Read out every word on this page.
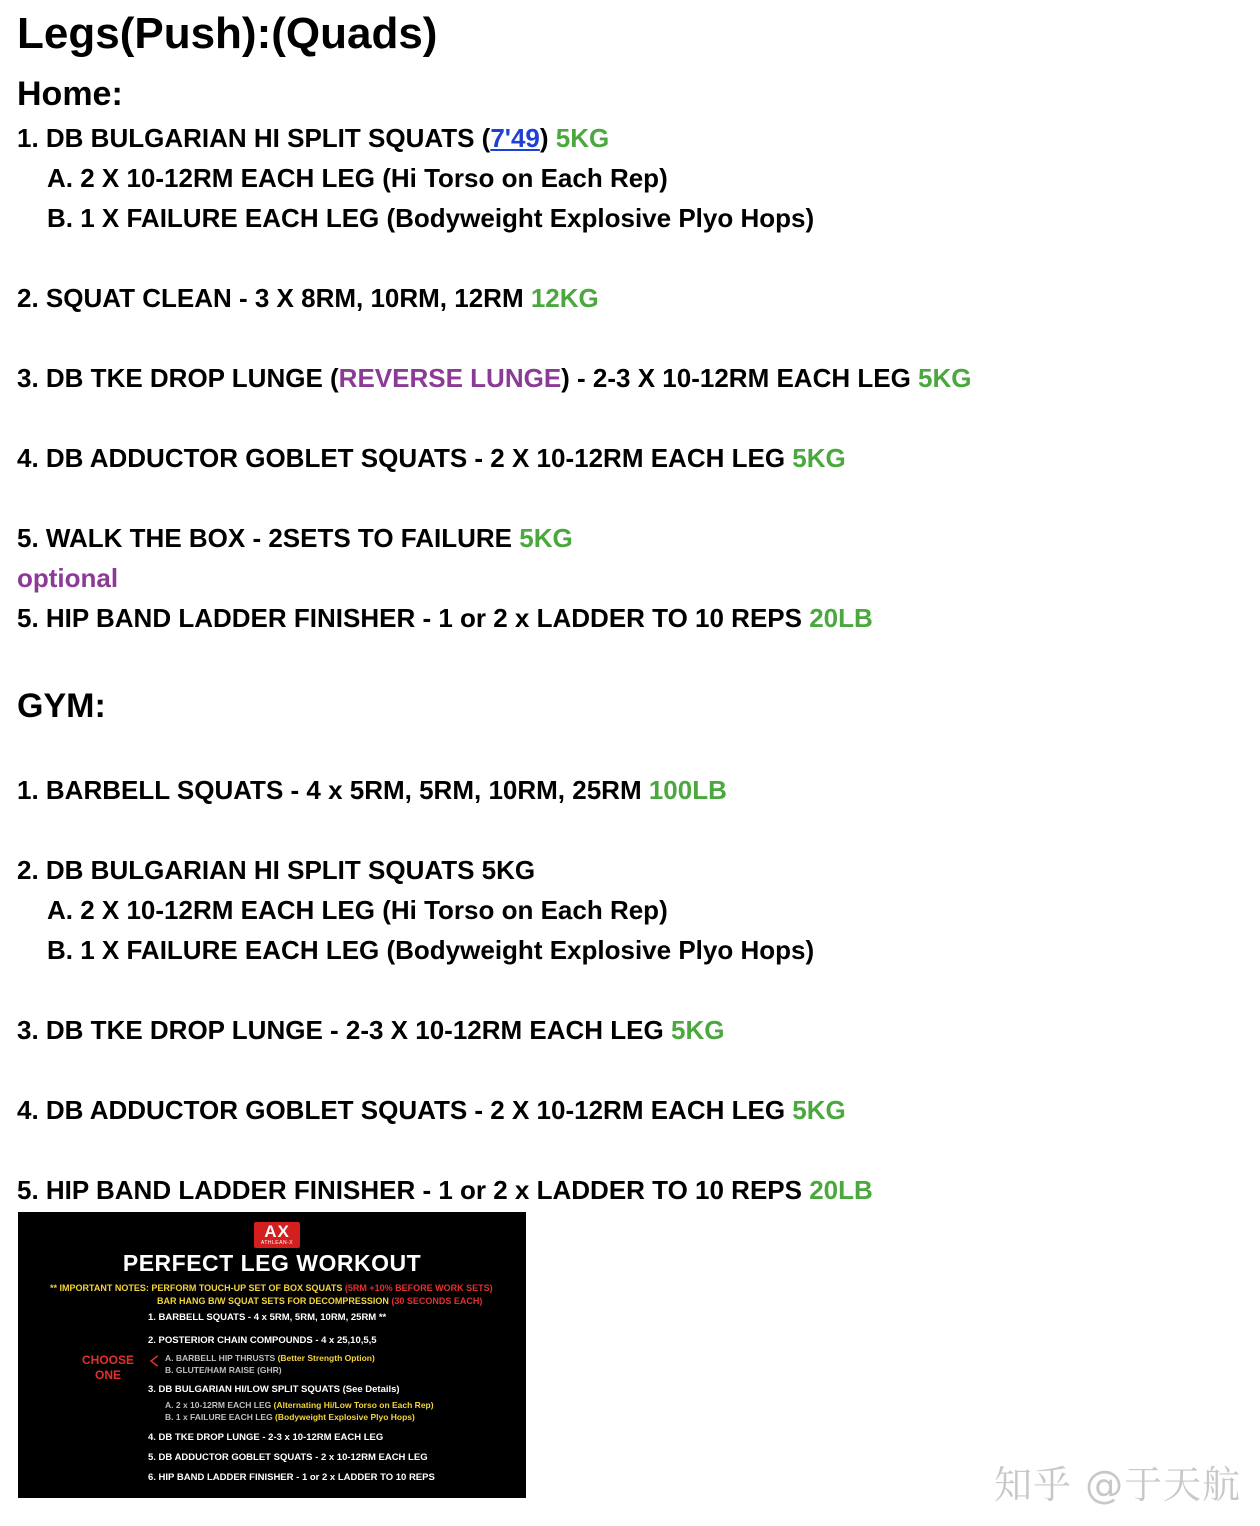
Legs(Push):(Quads)
Home:
1. DB BULGARIAN HI SPLIT SQUATS (7'49) 5KG
A. 2 X 10-12RM EACH LEG (Hi Torso on Each Rep)
B. 1 X FAILURE EACH LEG (Bodyweight Explosive Plyo Hops)
2. SQUAT CLEAN - 3 X 8RM, 10RM, 12RM 12KG
3. DB TKE DROP LUNGE (REVERSE LUNGE) - 2-3 X 10-12RM EACH LEG 5KG
4. DB ADDUCTOR GOBLET SQUATS - 2 X 10-12RM EACH LEG 5KG
5. WALK THE BOX - 2SETS TO FAILURE 5KG
optional
5. HIP BAND LADDER FINISHER - 1 or 2 x LADDER TO 10 REPS 20LB
GYM:
1. BARBELL SQUATS - 4 x 5RM, 5RM, 10RM, 25RM 100LB
2. DB BULGARIAN HI SPLIT SQUATS 5KG
A. 2 X 10-12RM EACH LEG (Hi Torso on Each Rep)
B. 1 X FAILURE EACH LEG (Bodyweight Explosive Plyo Hops)
3. DB TKE DROP LUNGE - 2-3 X 10-12RM EACH LEG 5KG
4. DB ADDUCTOR GOBLET SQUATS - 2 X 10-12RM EACH LEG 5KG
5. HIP BAND LADDER FINISHER - 1 or 2 x LADDER TO 10 REPS 20LB
AX
ATHLEAN-X
PERFECT LEG WORKOUT
** IMPORTANT NOTES: PERFORM TOUCH-UP SET OF BOX SQUATS (5RM +10% BEFORE WORK SETS)
BAR HANG B/W SQUAT SETS FOR DECOMPRESSION (30 SECONDS EACH)
1. BARBELL SQUATS - 4 x 5RM, 5RM, 10RM, 25RM **
2. POSTERIOR CHAIN COMPOUNDS - 4 x 25,10,5,5
A. BARBELL HIP THRUSTS (Better Strength Option)
B. GLUTE/HAM RAISE (GHR)
CHOOSE
ONE
3. DB BULGARIAN HI/LOW SPLIT SQUATS (See Details)
A. 2 x 10-12RM EACH LEG (Alternating Hi/Low Torso on Each Rep)
B. 1 x FAILURE EACH LEG (Bodyweight Explosive Plyo Hops)
4. DB TKE DROP LUNGE - 2-3 x 10-12RM EACH LEG
5. DB ADDUCTOR GOBLET SQUATS - 2 x 10-12RM EACH LEG
6. HIP BAND LADDER FINISHER - 1 or 2 x LADDER TO 10 REPS	知乎 @于天航
